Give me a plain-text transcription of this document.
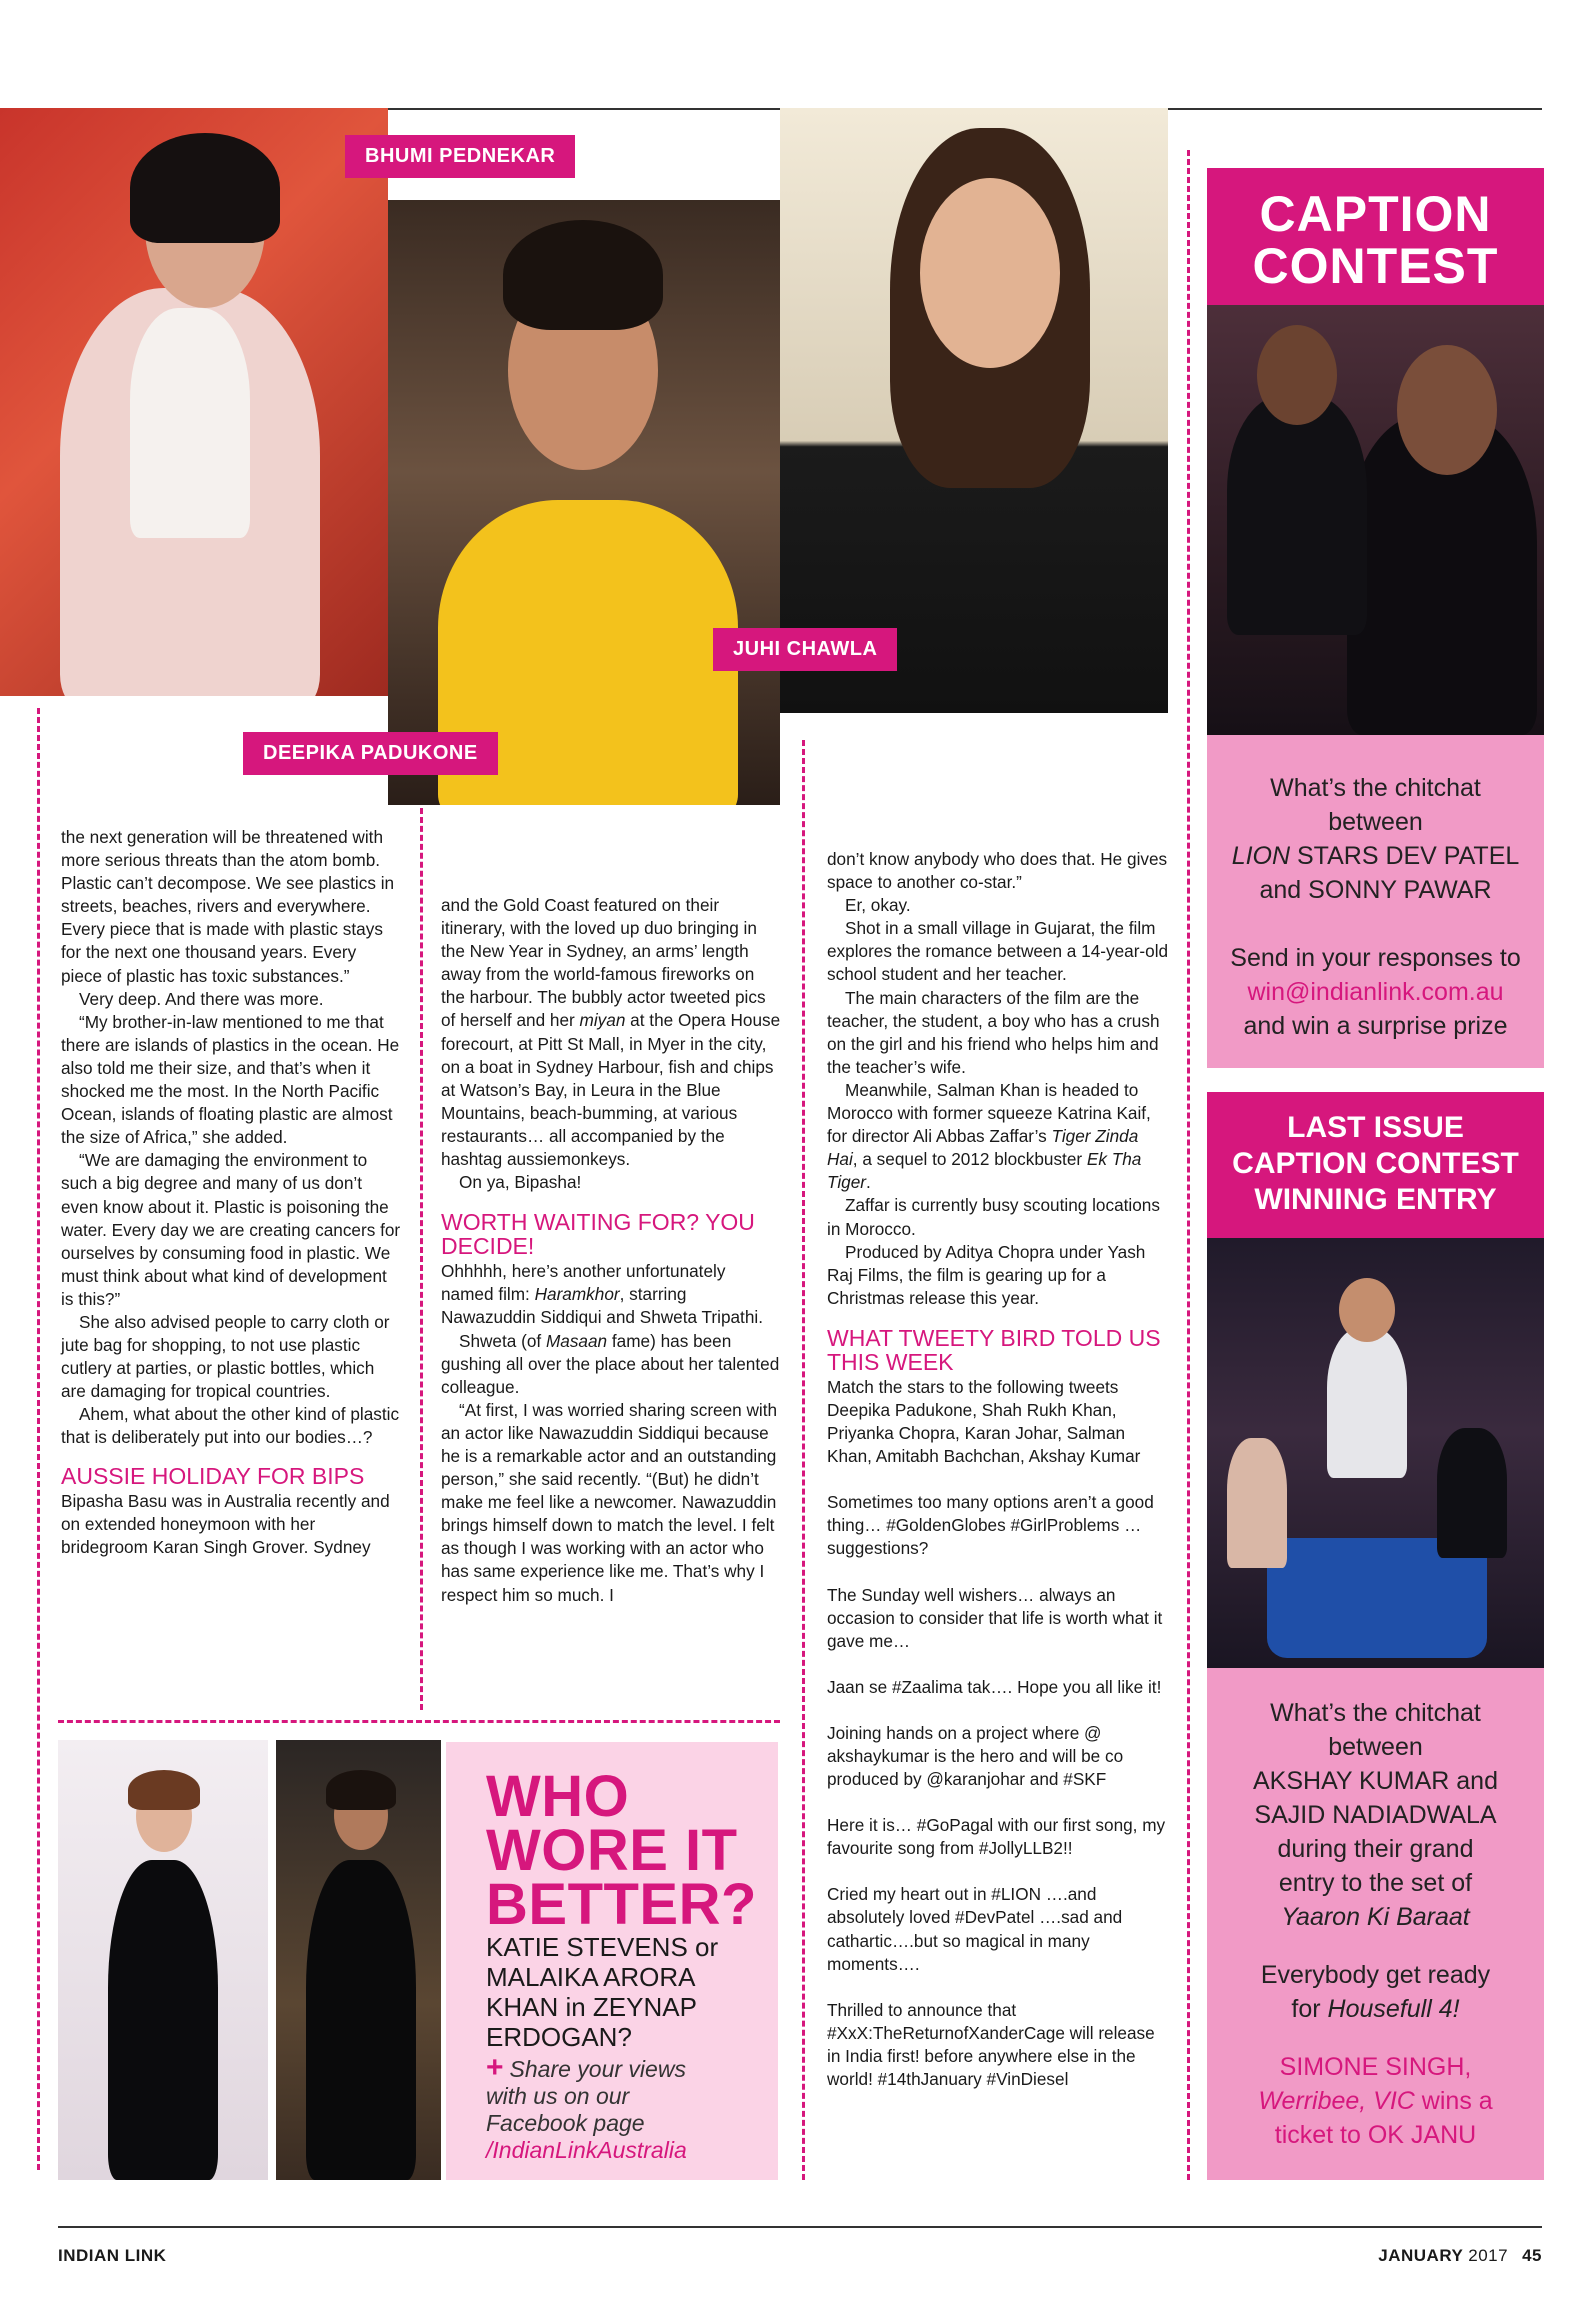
BHUMI PEDNEKAR
DEEPIKA PADUKONE
JUHI CHAWLA

the next generation will be threatened with more serious threats than the atom bomb. Plastic can’t decompose. We see plastics in streets, beaches, rivers and everywhere. Every piece that is made with plastic stays for the next one thousand years. Every piece of plastic has toxic substances.”

Very deep. And there was more.

“My brother-in-law mentioned to me that there are islands of plastics in the ocean. He also told me their size, and that’s when it shocked me the most. In the North Pacific Ocean, islands of floating plastic are almost the size of Africa,” she added.

“We are damaging the environment to such a big degree and many of us don’t even know about it. Plastic is poisoning the water. Every day we are creating cancers for ourselves by consuming food in plastic. We must think about what kind of development is this?”

She also advised people to carry cloth or jute bag for shopping, to not use plastic cutlery at parties, or plastic bottles, which are damaging for tropical countries.

Ahem, what about the other kind of plastic that is deliberately put into our bodies…?

AUSSIE HOLIDAY FOR BIPS

Bipasha Basu was in Australia recently and on extended honeymoon with her bridegroom Karan Singh Grover. Sydney

and the Gold Coast featured on their itinerary, with the loved up duo bringing in the New Year in Sydney, an arms’ length away from the world-famous fireworks on the harbour. The bubbly actor tweeted pics of herself and her miyan at the Opera House forecourt, at Pitt St Mall, in Myer in the city, on a boat in Sydney Harbour, fish and chips at Watson’s Bay, in Leura in the Blue Mountains, beach-bumming, at various restaurants… all accompanied by the hashtag aussiemonkeys.

On ya, Bipasha!

WORTH WAITING FOR? YOU DECIDE!

Ohhhhh, here’s another unfortunately named film: Haramkhor, starring Nawazuddin Siddiqui and Shweta Tripathi.

Shweta (of Masaan fame) has been gushing all over the place about her talented colleague.

“At first, I was worried sharing screen with an actor like Nawazuddin Siddiqui because he is a remarkable actor and an outstanding person,” she said recently. “(But) he didn’t make me feel like a newcomer. Nawazuddin brings himself down to match the level. I felt as though I was working with an actor who has same experience like me. That’s why I respect him so much. I

don’t know anybody who does that. He gives space to another co-star.”

Er, okay.

Shot in a small village in Gujarat, the film explores the romance between a 14-year-old school student and her teacher.

The main characters of the film are the teacher, the student, a boy who has a crush on the girl and his friend who helps him and the teacher’s wife.

Meanwhile, Salman Khan is headed to Morocco with former squeeze Katrina Kaif, for director Ali Abbas Zaffar’s Tiger Zinda Hai, a sequel to 2012 blockbuster Ek Tha Tiger.

Zaffar is currently busy scouting locations in Morocco.

Produced by Aditya Chopra under Yash Raj Films, the film is gearing up for a Christmas release this year.

WHAT TWEETY BIRD TOLD US THIS WEEK

Match the stars to the following tweets Deepika Padukone, Shah Rukh Khan, Priyanka Chopra, Karan Johar, Salman Khan, Amitabh Bachchan, Akshay Kumar

Sometimes too many options aren’t a good thing… #GoldenGlobes #GirlProblems … suggestions?

The Sunday well wishers… always an occasion to consider that life is worth what it gave me…

Jaan se #Zaalima tak…. Hope you all like it!

Joining hands on a project where @ akshaykumar is the hero and will be co produced by @karanjohar and #SKF

Here it is… #GoPagal with our first song, my favourite song from #JollyLLB2!!

Cried my heart out in #LION ….and absolutely loved #DevPatel ….sad and cathartic….but so magical in many moments….

Thrilled to announce that #XxX:TheReturnofXanderCage will release in India first! before anywhere else in the world! #14thJanuary #VinDiesel

CAPTION
CONTEST
What’s the chitchat
between
LION STARS DEV PATEL
and SONNY PAWAR
Send in your responses to
win@indianlink.com.au
and win a surprise prize
LAST ISSUE
CAPTION CONTEST
WINNING ENTRY
What’s the chitchat
between
AKSHAY KUMAR and
SAJID NADIADWALA
during their grand
entry to the set of
Yaaron Ki Baraat
Everybody get ready
for Housefull 4!
SIMONE SINGH,
Werribee, VIC wins a
ticket to OK JANU
WHO
WORE IT
BETTER?
KATIE STEVENS or MALAIKA ARORA KHAN in ZEYNAP ERDOGAN?
+ Share your views
with us on our
Facebook page
/IndianLinkAustralia
INDIAN LINK	JANUARY 2017 45
